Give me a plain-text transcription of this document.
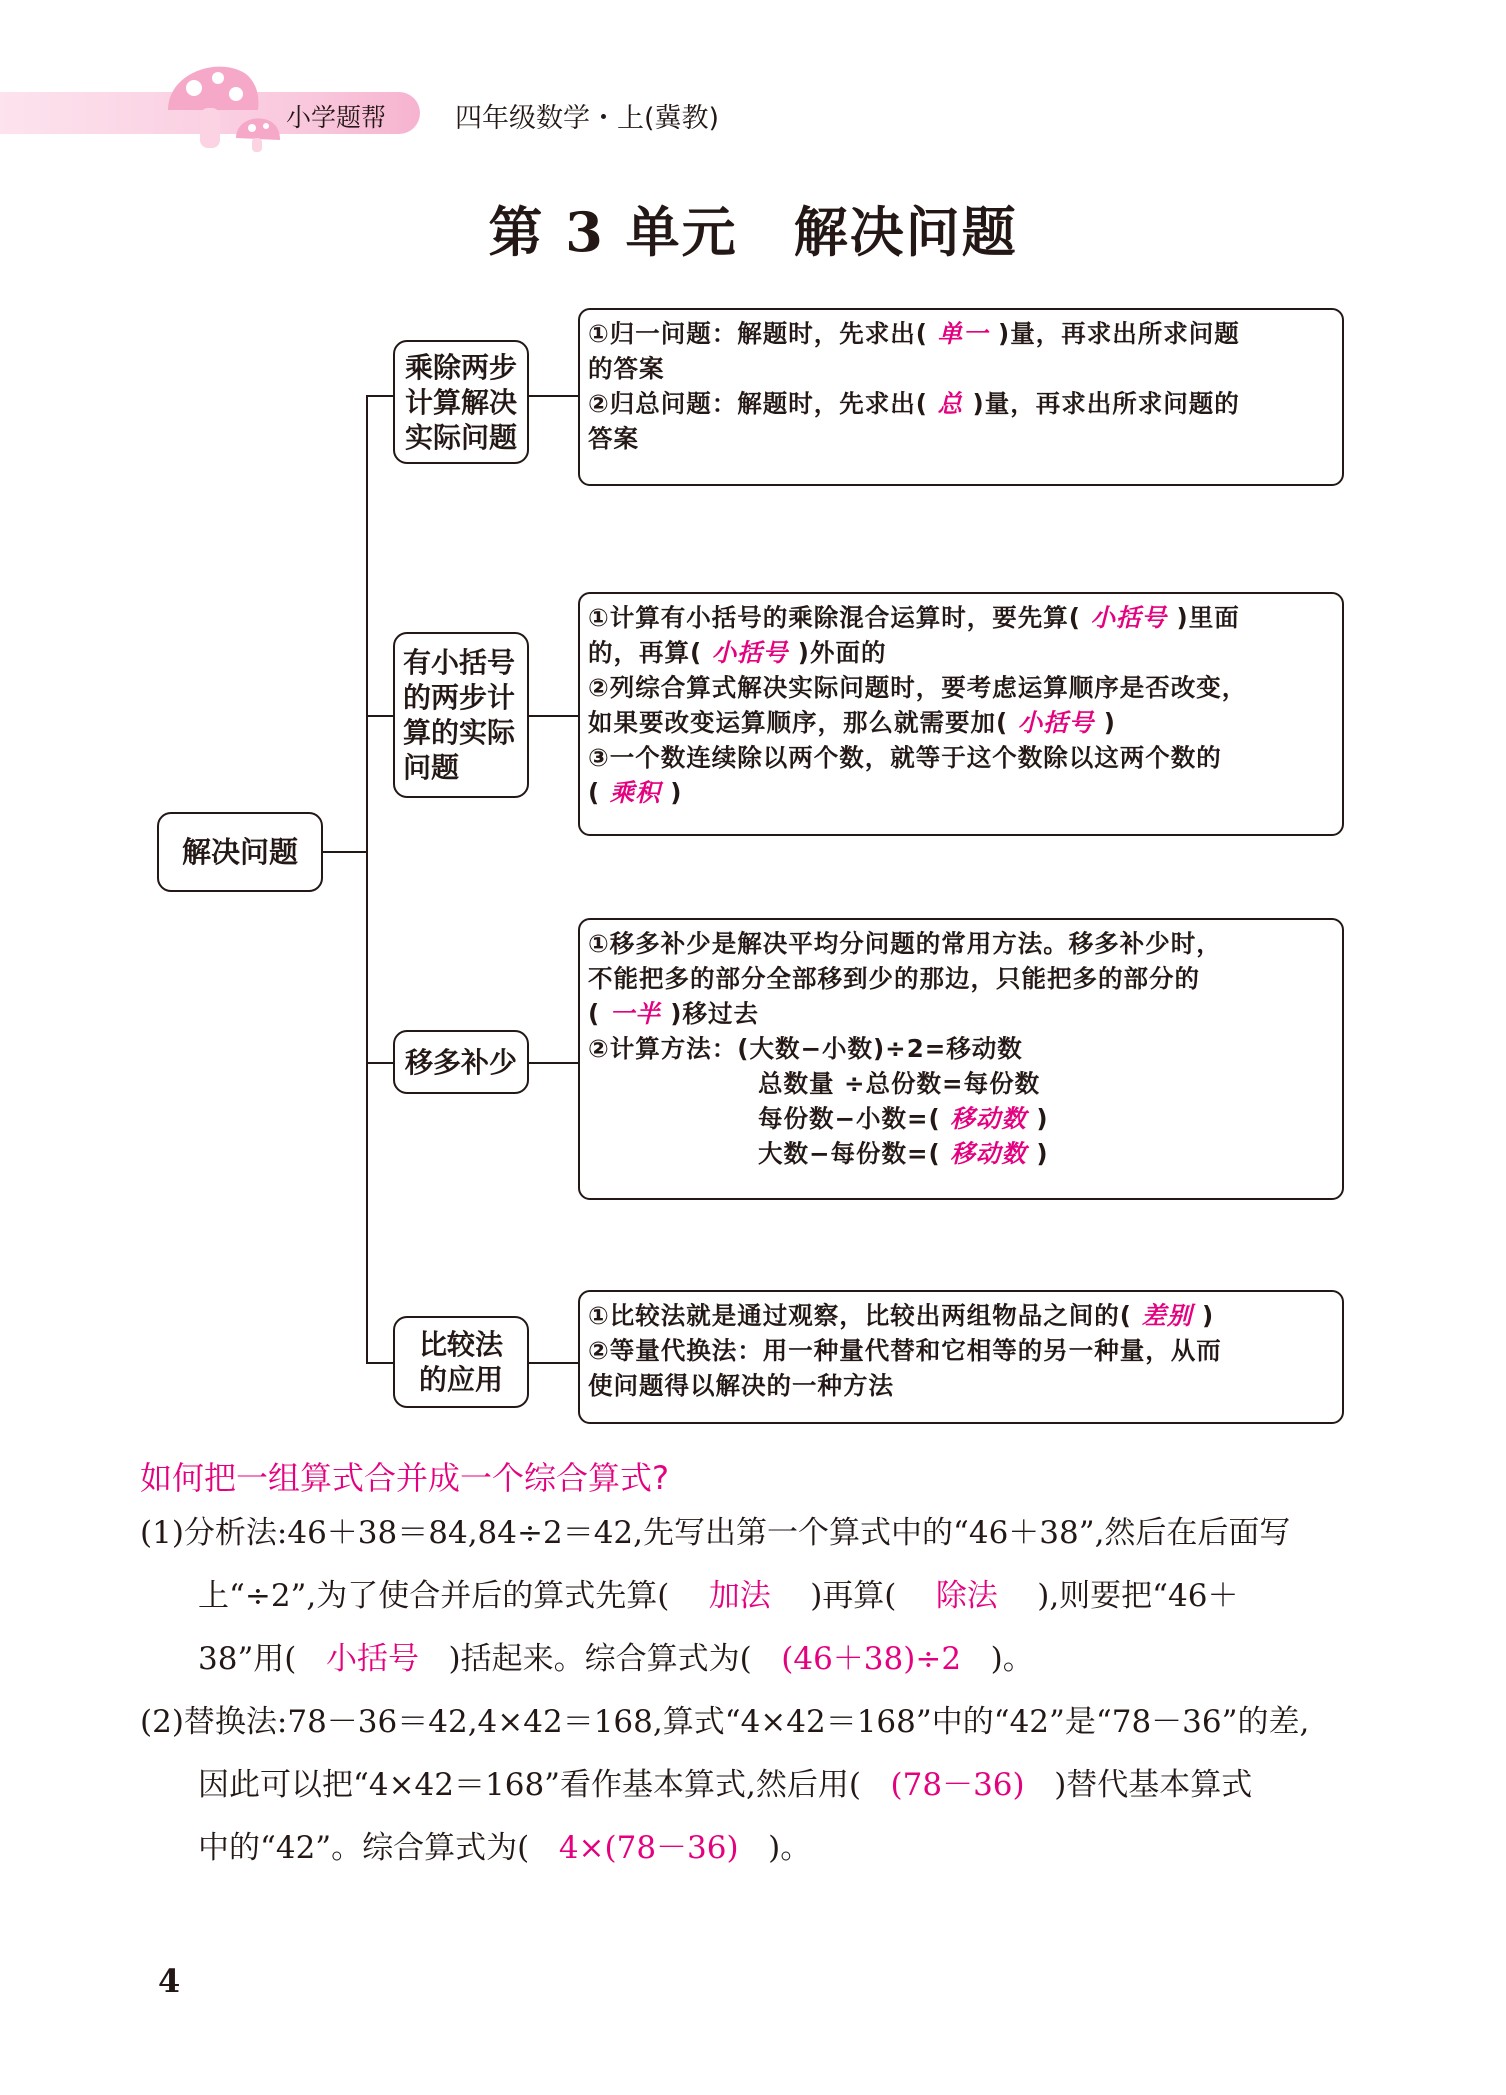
小学题帮	四年级数学・上(冀教)
第 3 单元 解决问题
解决问题
乘除两步
计算解决
实际问题
有小括号
的两步计
算的实际
问题
移多补少
比较法
的应用
①归一问题：解题时，先求出( 单一 )量，再求出所求问题
的答案
②归总问题：解题时，先求出( 总 )量，再求出所求问题的
答案
①计算有小括号的乘除混合运算时，要先算( 小括号 )里面
的，再算( 小括号 )外面的
②列综合算式解决实际问题时，要考虑运算顺序是否改变，
如果要改变运算顺序，那么就需要加( 小括号 )
③一个数连续除以两个数，就等于这个数除以这两个数的
( 乘积 )
①移多补少是解决平均分问题的常用方法。移多补少时，
不能把多的部分全部移到少的那边，只能把多的部分的
( 一半 )移过去
②计算方法：(大数−小数)÷2=移动数
总数量 ÷总份数=每份数
每份数−小数=( 移动数 )
大数−每份数=( 移动数 )
①比较法就是通过观察，比较出两组物品之间的( 差别 )
②等量代换法：用一种量代替和它相等的另一种量，从而
使问题得以解决的一种方法
如何把一组算式合并成一个综合算式?
(1)分析法:46＋38＝84,84÷2＝42,先写出第一个算式中的“46＋38”,然后在后面写
上“÷2”,为了使合并后的算式先算( 加法 )再算( 除法 ),则要把“46＋
38”用( 小括号 )括起来。综合算式为( (46＋38)÷2 )。
(2)替换法:78－36＝42,4×42＝168,算式“4×42＝168”中的“42”是“78－36”的差,
因此可以把“4×42＝168”看作基本算式,然后用( (78－36) )替代基本算式
中的“42”。综合算式为( 4×(78－36) )。
4
